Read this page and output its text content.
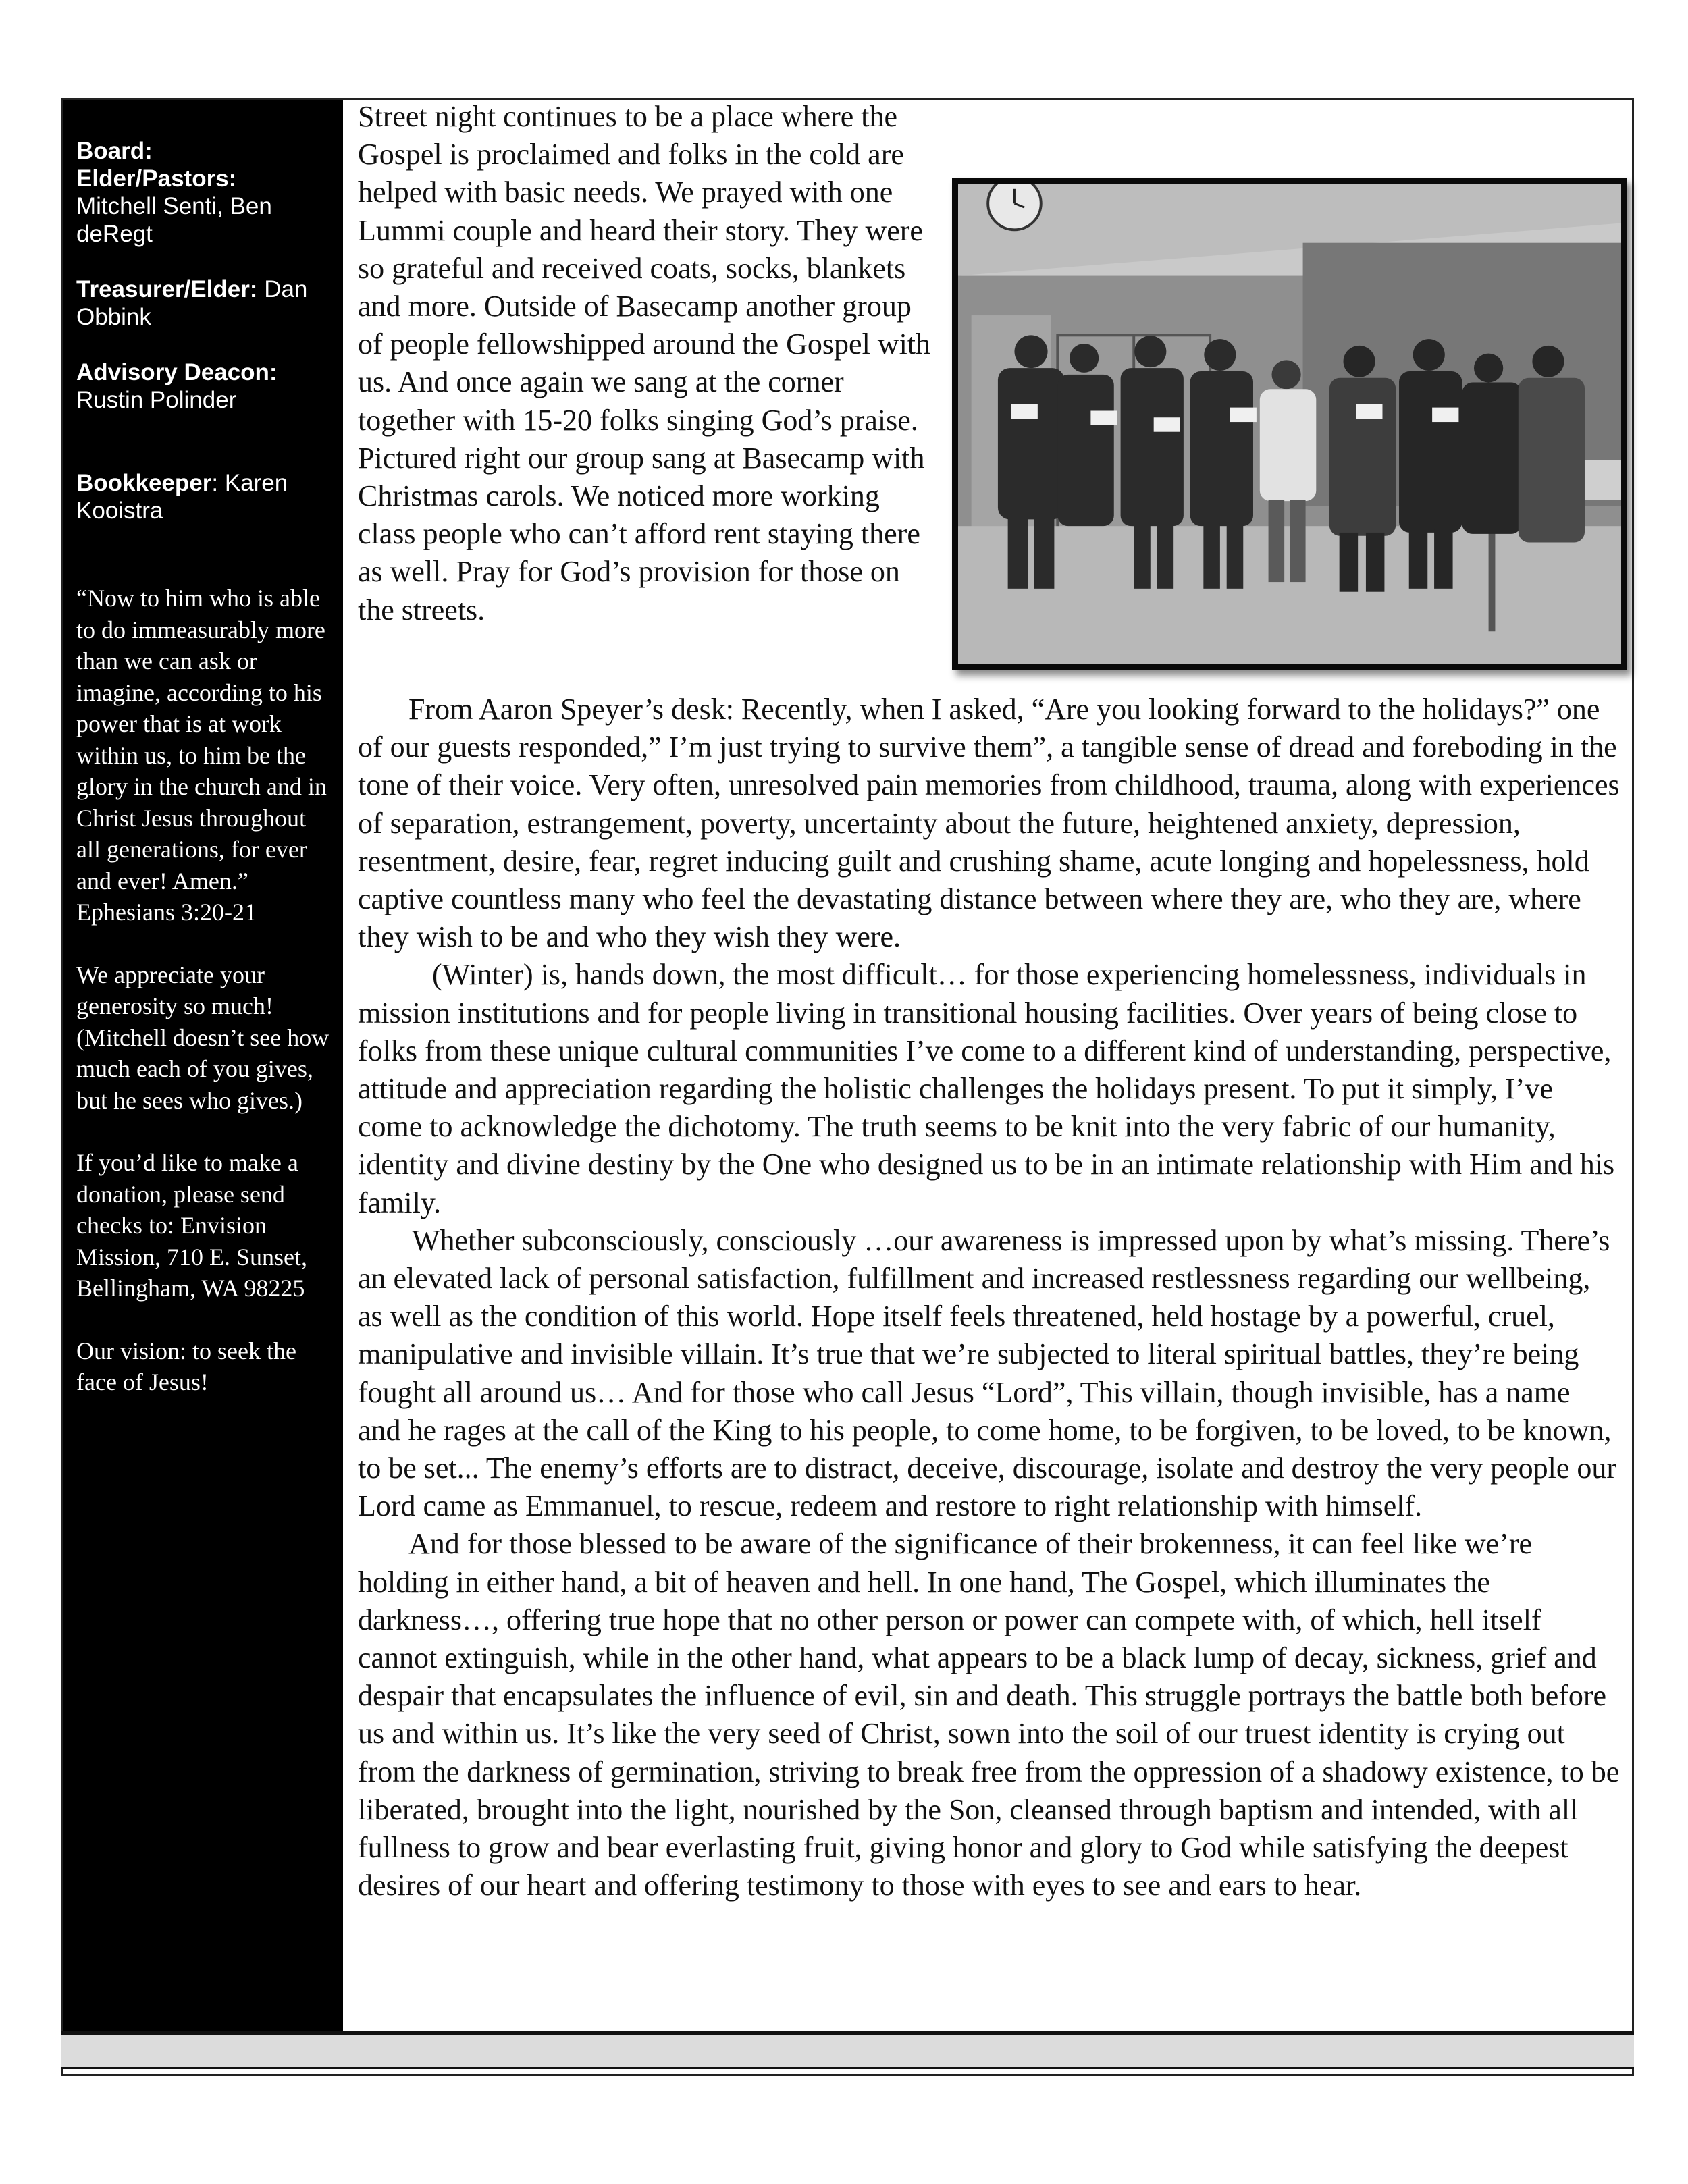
Board:
Elder/Pastors:
Mitchell Senti, Ben deRegt
Treasurer/Elder: Dan Obbink
Advisory Deacon:
Rustin Polinder
Bookkeeper: Karen Kooistra

“Now to him who is able to do immeasurably more than we can ask or imagine, according to his power that is at work within us, to him be the glory in the church and in Christ Jesus throughout all generations, for ever and ever! Amen.” Ephesians 3:20-21

We appreciate your generosity so much! (Mitchell doesn’t see how much each of you gives, but he sees who gives.)

If you’d like to make a donation, please send checks to: Envision Mission, 710 E. Sunset, Bellingham, WA 98225

Our vision: to seek the face of Jesus!

Street night continues to be a place where the Gospel is proclaimed and folks in the cold are helped with basic needs. We prayed with one Lummi couple and heard their story. They were so grateful and received coats, socks, blankets and more. Outside of Basecamp another group of people fellowshipped around the Gospel with us. And once again we sang at the corner together with 15-20 folks singing God’s praise. Pictured right our group sang at Basecamp with Christmas carols. We noticed more working class people who can’t afford rent staying there as well. Pray for God’s provision for those on the streets.

From Aaron Speyer’s desk: Recently, when I asked, “Are you looking forward to the holidays?” one of our guests responded,” I’m just trying to survive them”, a tangible sense of dread and foreboding in the tone of their voice. Very often, unresolved pain memories from childhood, trauma, along with experiences of separation, estrangement, poverty, uncertainty about the future, heightened anxiety, depression, resentment, desire, fear, regret inducing guilt and crushing shame, acute longing and hopelessness, hold captive countless many who feel the devastating distance between where they are, who they are, where they wish to be and who they wish they were.

(Winter) is, hands down, the most difficult… for those experiencing homelessness, individuals in mission institutions and for people living in transitional housing facilities. Over years of being close to folks from these unique cultural communities I’ve come to a different kind of understanding, perspective, attitude and appreciation regarding the holistic challenges the holidays present. To put it simply, I’ve come to acknowledge the dichotomy. The truth seems to be knit into the very fabric of our humanity, identity and divine destiny by the One who designed us to be in an intimate relationship with Him and his family.

Whether subconsciously, consciously …our awareness is impressed upon by what’s missing. There’s an elevated lack of personal satisfaction, fulfillment and increased restlessness regarding our wellbeing, as well as the condition of this world. Hope itself feels threatened, held hostage by a powerful, cruel, manipulative and invisible villain. It’s true that we’re subjected to literal spiritual battles, they’re being fought all around us… And for those who call Jesus “Lord”, This villain, though invisible, has a name and he rages at the call of the King to his people, to come home, to be forgiven, to be loved, to be known, to be set... The enemy’s efforts are to distract, deceive, discourage, isolate and destroy the very people our Lord came as Emmanuel, to rescue, redeem and restore to right relationship with himself.

And for those blessed to be aware of the significance of their brokenness, it can feel like we’re holding in either hand, a bit of heaven and hell. In one hand, The Gospel, which illuminates the darkness…, offering true hope that no other person or power can compete with, of which, hell itself cannot extinguish, while in the other hand, what appears to be a black lump of decay, sickness, grief and despair that encapsulates the influence of evil, sin and death. This struggle portrays the battle both before us and within us. It’s like the very seed of Christ, sown into the soil of our truest identity is crying out from the darkness of germination, striving to break free from the oppression of a shadowy existence, to be liberated, brought into the light, nourished by the Son, cleansed through baptism and intended, with all fullness to grow and bear everlasting fruit, giving honor and glory to God while satisfying the deepest desires of our heart and offering testimony to those with eyes to see and ears to hear.
